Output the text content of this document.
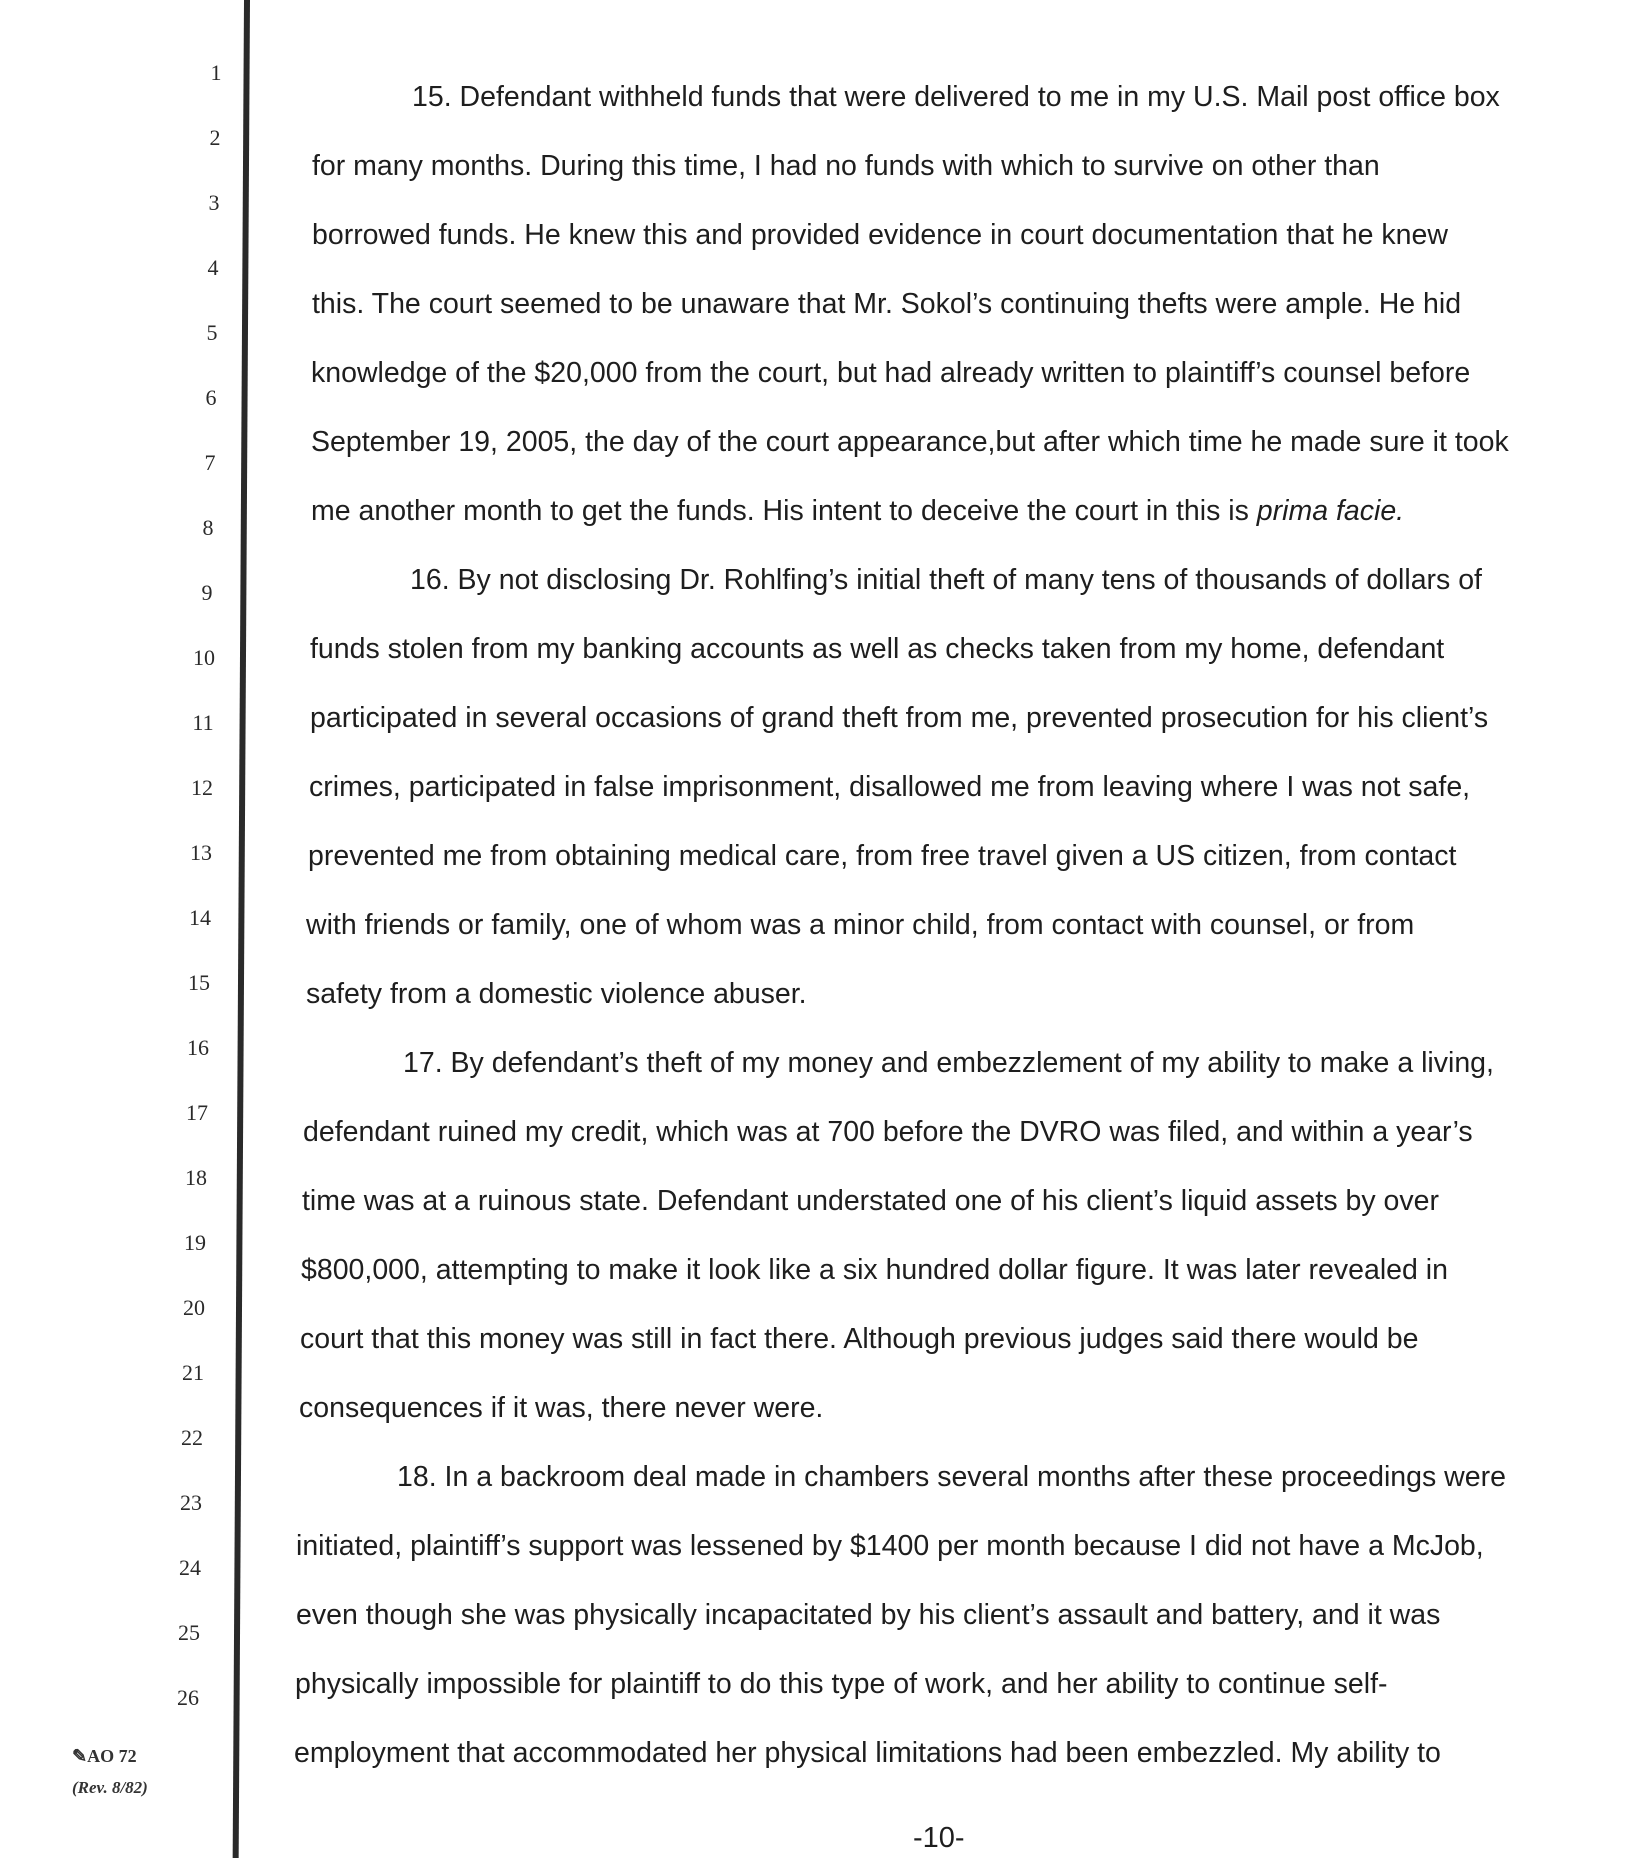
1
2
3
4
5
6
7
8
9
10
11
12
13
14
15
16
17
18
19
20
21
22
23
24
25
26
15. Defendant withheld funds that were delivered to me in my U.S. Mail post office box
for many months. During this time, I had no funds with which to survive on other than
borrowed funds. He knew this and provided evidence in court documentation that he knew
this. The court seemed to be unaware that Mr. Sokol’s continuing thefts were ample. He hid
knowledge of the $20,000 from the court, but had already written to plaintiff’s counsel before
September 19, 2005, the day of the court appearance,but after which time he made sure it took
me another month to get the funds. His intent to deceive the court in this is prima facie.
16. By not disclosing Dr. Rohlfing’s initial theft of many tens of thousands of dollars of
funds stolen from my banking accounts as well as checks taken from my home, defendant
participated in several occasions of grand theft from me, prevented prosecution for his client’s
crimes, participated in false imprisonment, disallowed me from leaving where I was not safe,
prevented me from obtaining medical care, from free travel given a US citizen, from contact
with friends or family, one of whom was a minor child, from contact with counsel, or from
safety from a domestic violence abuser.
17. By defendant’s theft of my money and embezzlement of my ability to make a living,
defendant ruined my credit, which was at 700 before the DVRO was filed, and within a year’s
time was at a ruinous state. Defendant understated one of his client’s liquid assets by over
$800,000, attempting to make it look like a six hundred dollar figure. It was later revealed in
court that this money was still in fact there. Although previous judges said there would be
consequences if it was, there never were.
18. In a backroom deal made in chambers several months after these proceedings were
initiated, plaintiff’s support was lessened by $1400 per month because I did not have a McJob,
even though she was physically incapacitated by his client’s assault and battery, and it was
physically impossible for plaintiff to do this type of work, and her ability to continue self-
employment that accommodated her physical limitations had been embezzled. My ability to
✎AO 72
(Rev. 8/82)
-10-
